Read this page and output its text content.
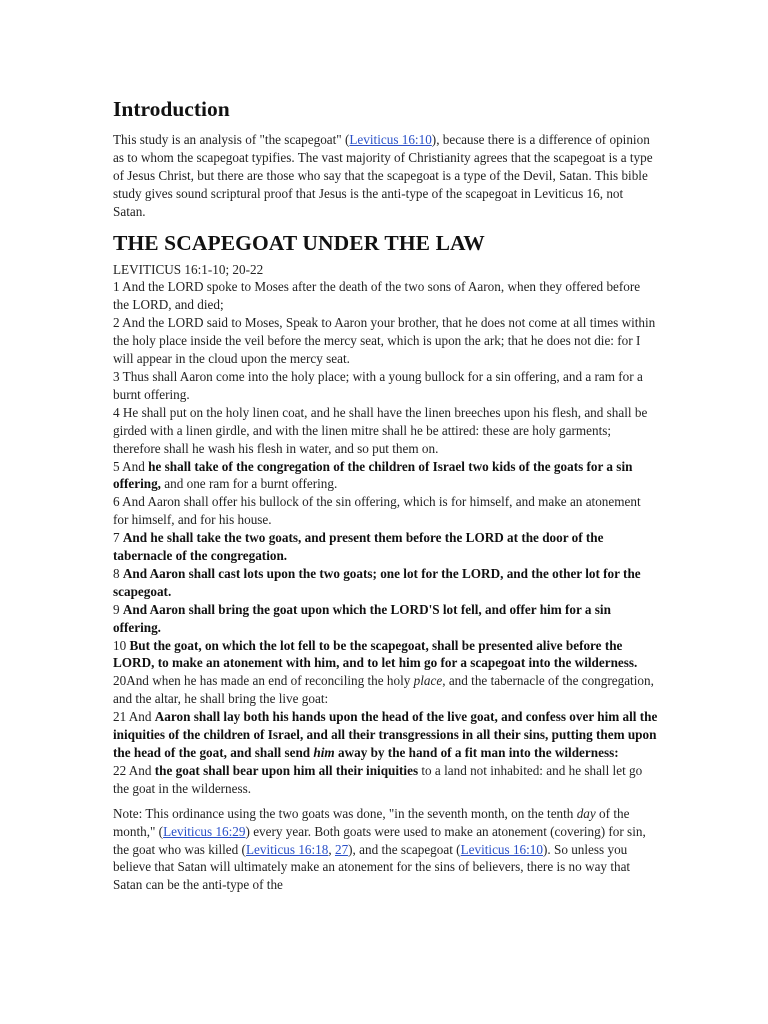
Introduction

This study is an analysis of "the scapegoat" (Leviticus 16:10), because there is a difference of opinion as to whom the scapegoat typifies. The vast majority of Christianity agrees that the scapegoat is a type of Jesus Christ, but there are those who say that the scapegoat is a type of the Devil, Satan. This bible study gives sound scriptural proof that Jesus is the anti-type of the scapegoat in Leviticus 16, not Satan.

THE SCAPEGOAT UNDER THE LAW

LEVITICUS 16:1-10; 20-22

1 And the LORD spoke to Moses after the death of the two sons of Aaron, when they offered before the LORD, and died;

2 And the LORD said to Moses, Speak to Aaron your brother, that he does not come at all times within the holy place inside the veil before the mercy seat, which is upon the ark; that he does not die: for I will appear in the cloud upon the mercy seat.

3 Thus shall Aaron come into the holy place; with a young bullock for a sin offering, and a ram for a burnt offering.

4 He shall put on the holy linen coat, and he shall have the linen breeches upon his flesh, and shall be girded with a linen girdle, and with the linen mitre shall he be attired: these are holy garments; therefore shall he wash his flesh in water, and so put them on.

5 And he shall take of the congregation of the children of Israel two kids of the goats for a sin offering, and one ram for a burnt offering.

6 And Aaron shall offer his bullock of the sin offering, which is for himself, and make an atonement for himself, and for his house.

7 And he shall take the two goats, and present them before the LORD at the door of the tabernacle of the congregation.

8 And Aaron shall cast lots upon the two goats; one lot for the LORD, and the other lot for the scapegoat.

9 And Aaron shall bring the goat upon which the LORD'S lot fell, and offer him for a sin offering.

10 But the goat, on which the lot fell to be the scapegoat, shall be presented alive before the LORD, to make an atonement with him, and to let him go for a scapegoat into the wilderness.

20And when he has made an end of reconciling the holy place, and the tabernacle of the congregation, and the altar, he shall bring the live goat:

21 And Aaron shall lay both his hands upon the head of the live goat, and confess over him all the iniquities of the children of Israel, and all their transgressions in all their sins, putting them upon the head of the goat, and shall send him away by the hand of a fit man into the wilderness:

22 And the goat shall bear upon him all their iniquities to a land not inhabited: and he shall let go the goat in the wilderness.

Note: This ordinance using the two goats was done, "in the seventh month, on the tenth day of the month," (Leviticus 16:29) every year. Both goats were used to make an atonement (covering) for sin, the goat who was killed (Leviticus 16:18, 27), and the scapegoat (Leviticus 16:10). So unless you believe that Satan will ultimately make an atonement for the sins of believers, there is no way that Satan can be the anti-type of the
